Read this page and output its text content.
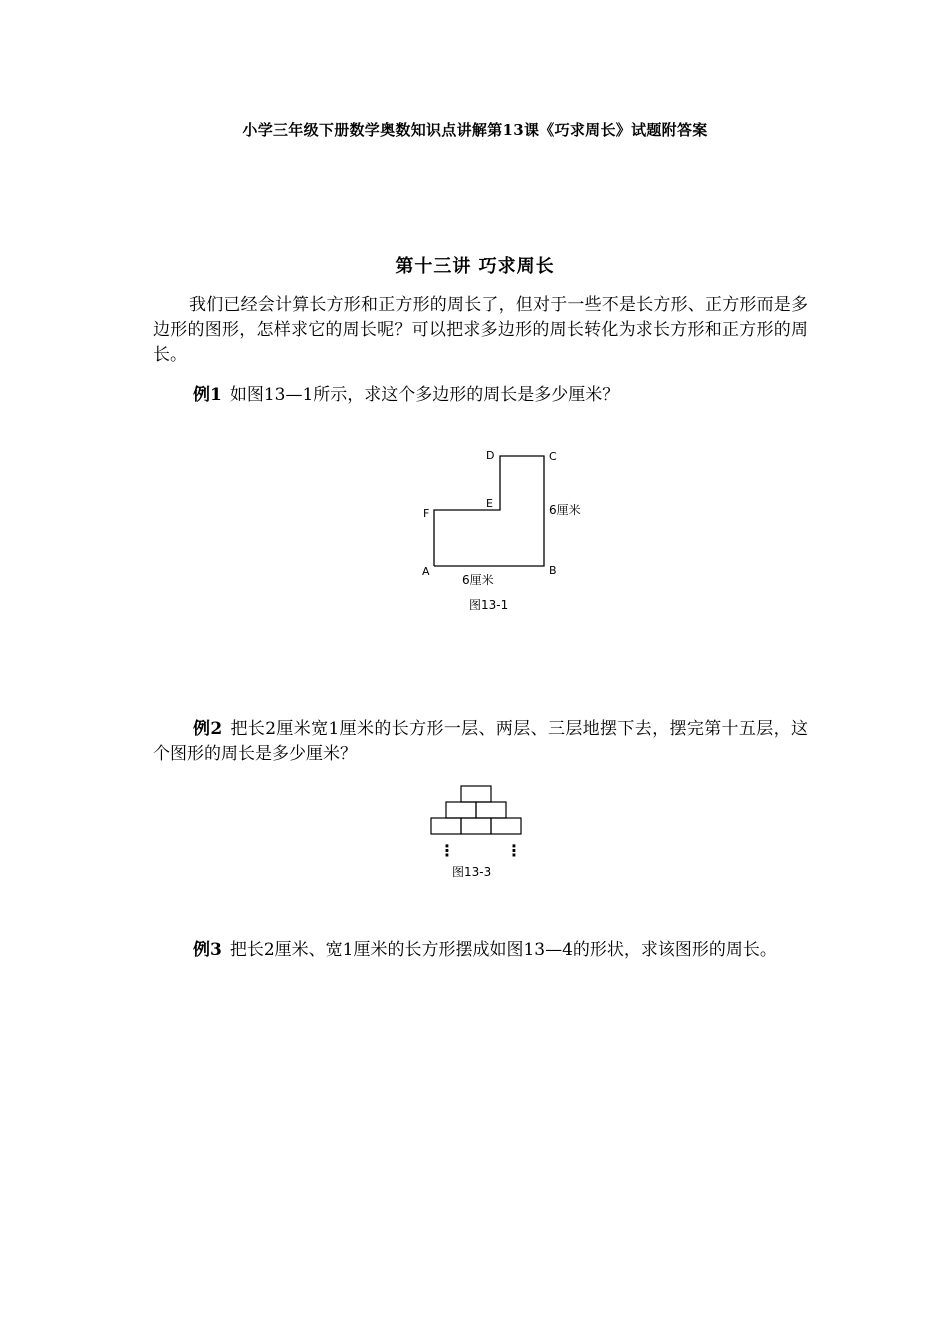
小学三年级下册数学奥数知识点讲解第13课《巧求周长》试题附答案
第十三讲 巧求周长
我们已经会计算长方形和正方形的周长了，但对于一些不是长方形、正方形而是多边形的图形，怎样求它的周长呢？可以把求多边形的周长转化为求长方形和正方形的周长。
例1 如图13—1所示，求这个多边形的周长是多少厘米？
D	C
E
F	6厘米
A	B
6厘米
图13-1
例2 把长2厘米宽1厘米的长方形一层、两层、三层地摆下去，摆完第十五层，这个图形的周长是多少厘米？
⋮	⋮
图13-3
例3 把长2厘米、宽1厘米的长方形摆成如图13—4的形状，求该图形的周长。
